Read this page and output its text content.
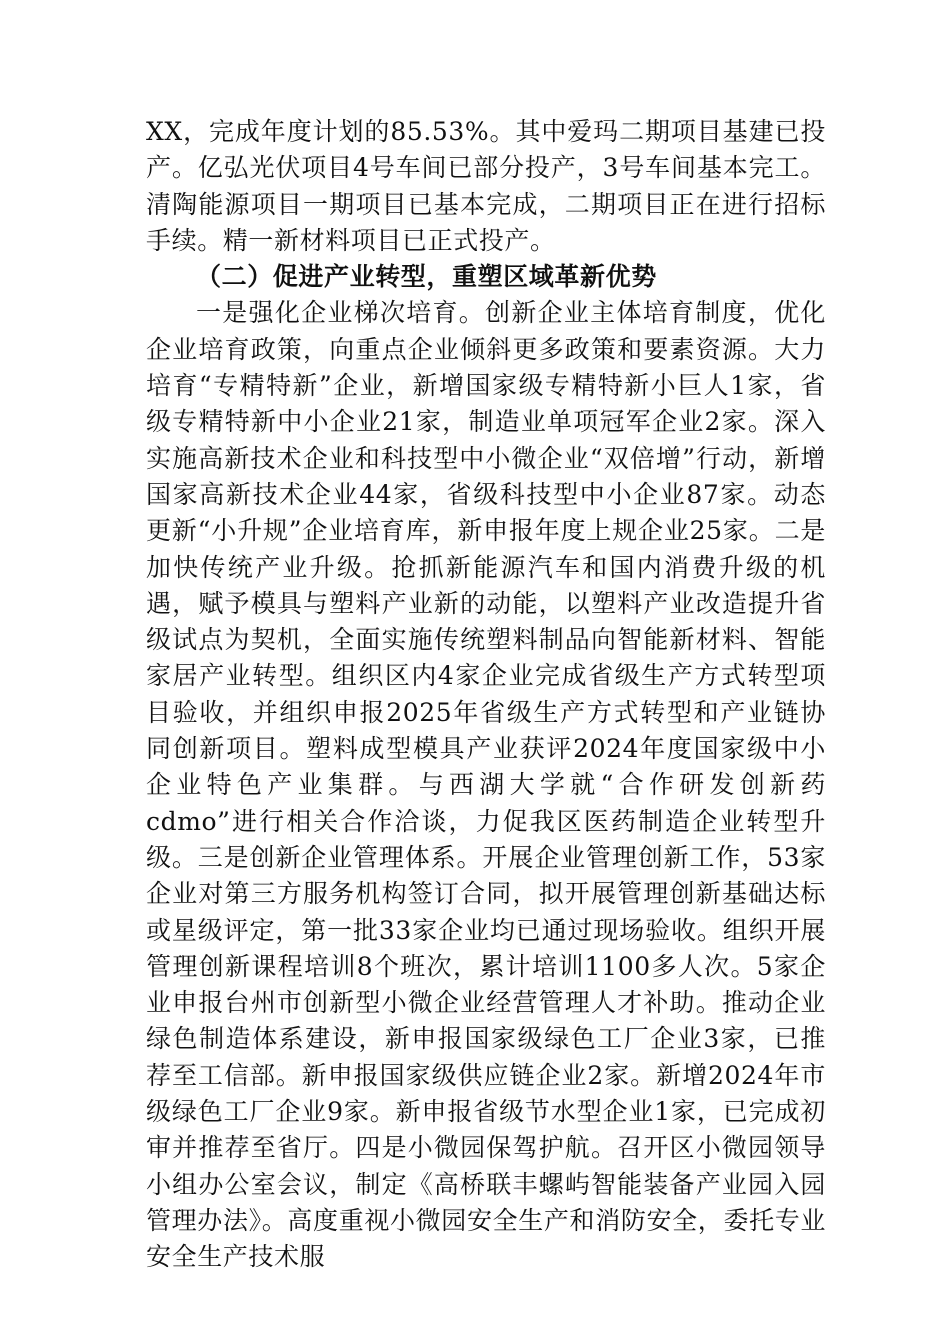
XX，完成年度计划的85.53%。其中爱玛二期项目基建已投产。亿弘光伏项目4号车间已部分投产，3号车间基本完工。清陶能源项目一期项目已基本完成，二期项目正在进行招标手续。精一新材料项目已正式投产。

（二）促进产业转型，重塑区域革新优势

一是强化企业梯次培育。创新企业主体培育制度，优化企业培育政策，向重点企业倾斜更多政策和要素资源。大力培育“专精特新”企业，新增国家级专精特新小巨人1家，省级专精特新中小企业21家，制造业单项冠军企业2家。深入实施高新技术企业和科技型中小微企业“双倍增”行动，新增国家高新技术企业44家，省级科技型中小企业87家。动态更新“小升规”企业培育库，新申报年度上规企业25家。二是加快传统产业升级。抢抓新能源汽车和国内消费升级的机遇，赋予模具与塑料产业新的动能，以塑料产业改造提升省级试点为契机，全面实施传统塑料制品向智能新材料、智能家居产业转型。组织区内4家企业完成省级生产方式转型项目验收，并组织申报2025年省级生产方式转型和产业链协同创新项目。塑料成型模具产业获评2024年度国家级中小企业特色产业集群。与西湖大学就“合作研发创新药cdmo”进行相关合作洽谈，力促我区医药制造企业转型升级。三是创新企业管理体系。开展企业管理创新工作，53家企业对第三方服务机构签订合同，拟开展管理创新基础达标或星级评定，第一批33家企业均已通过现场验收。组织开展管理创新课程培训8个班次，累计培训1100多人次。5家企业申报台州市创新型小微企业经营管理人才补助。推动企业绿色制造体系建设，新申报国家级绿色工厂企业3家，已推荐至工信部。新申报国家级供应链企业2家。新增2024年市级绿色工厂企业9家。新申报省级节水型企业1家，已完成初审并推荐至省厅。四是小微园保驾护航。召开区小微园领导小组办公室会议，制定《高桥联丰螺屿智能装备产业园入园管理办法》。高度重视小微园安全生产和消防安全，委托专业安全生产技术服
